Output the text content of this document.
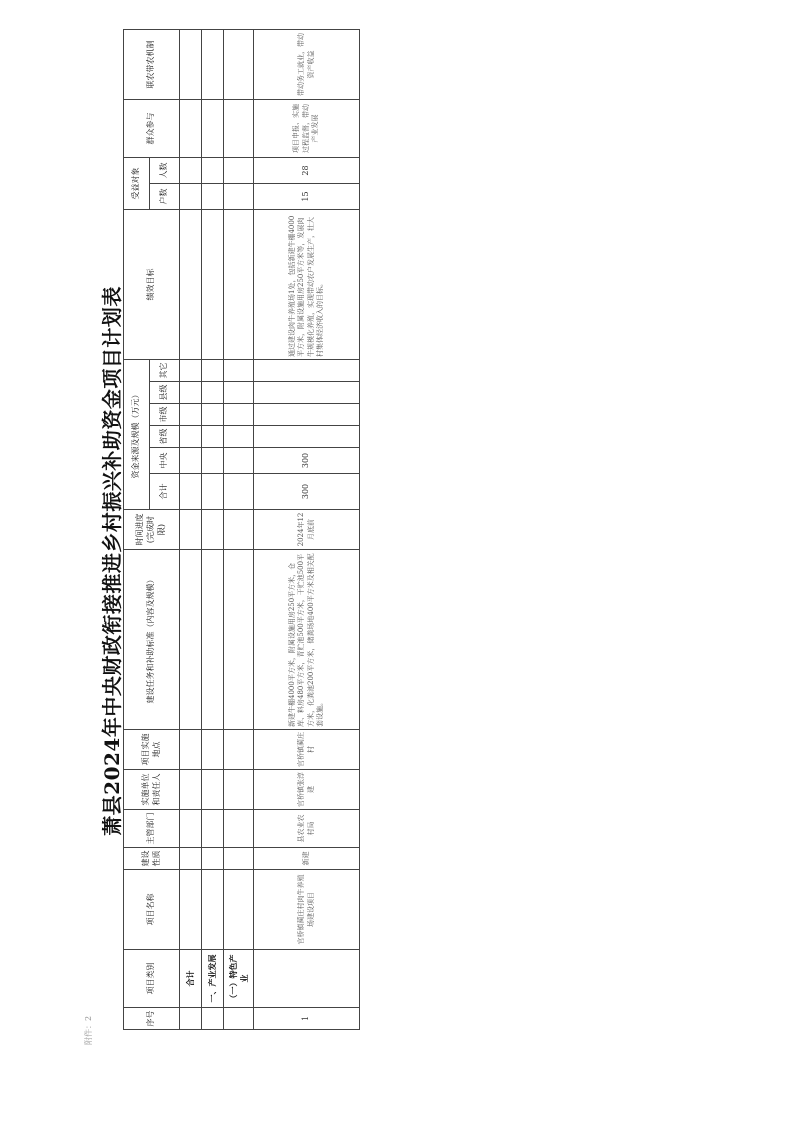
附件：2
萧县2024年中央财政衔接推进乡村振兴补助资金项目计划表
序号	项目类别	项目名称	建设性质	主管部门	实施单位和责任人	项目实施地点	建设任务和补助标准（内容及规模）	时间进度(完成时限)	资金来源及规模（万元）						绩效目标	受益对象		群众参与	联农带农机制
									合计	中央	省级	市级	县级	其它		户数	人数		
	合计																		
	一、产业发展																		
	（一）特色产业																		
1		官桥镇蔺庄村肉牛养殖场建设项目	新建	县农业农村局	官桥镇张淳建	官桥镇蔺庄村	新建牛棚4000平方米，附属设施用房250平方米，仓库、料房480平方米，青贮池500平方米，干贮池500平方米，化粪池200平方米，储粪场地400平方米及相关配套设施。	2024年12月底前	300	300					通过建设肉牛养殖场1处，包括新建牛棚4000平方米，附属设施用房250平方米等，发展肉牛规模化养殖，实现带动农户发展生产，壮大村集体经济收入的目标。	15	28	项目申报、实施过程监督，带动产业发展	带动务工就业，带动资产收益
